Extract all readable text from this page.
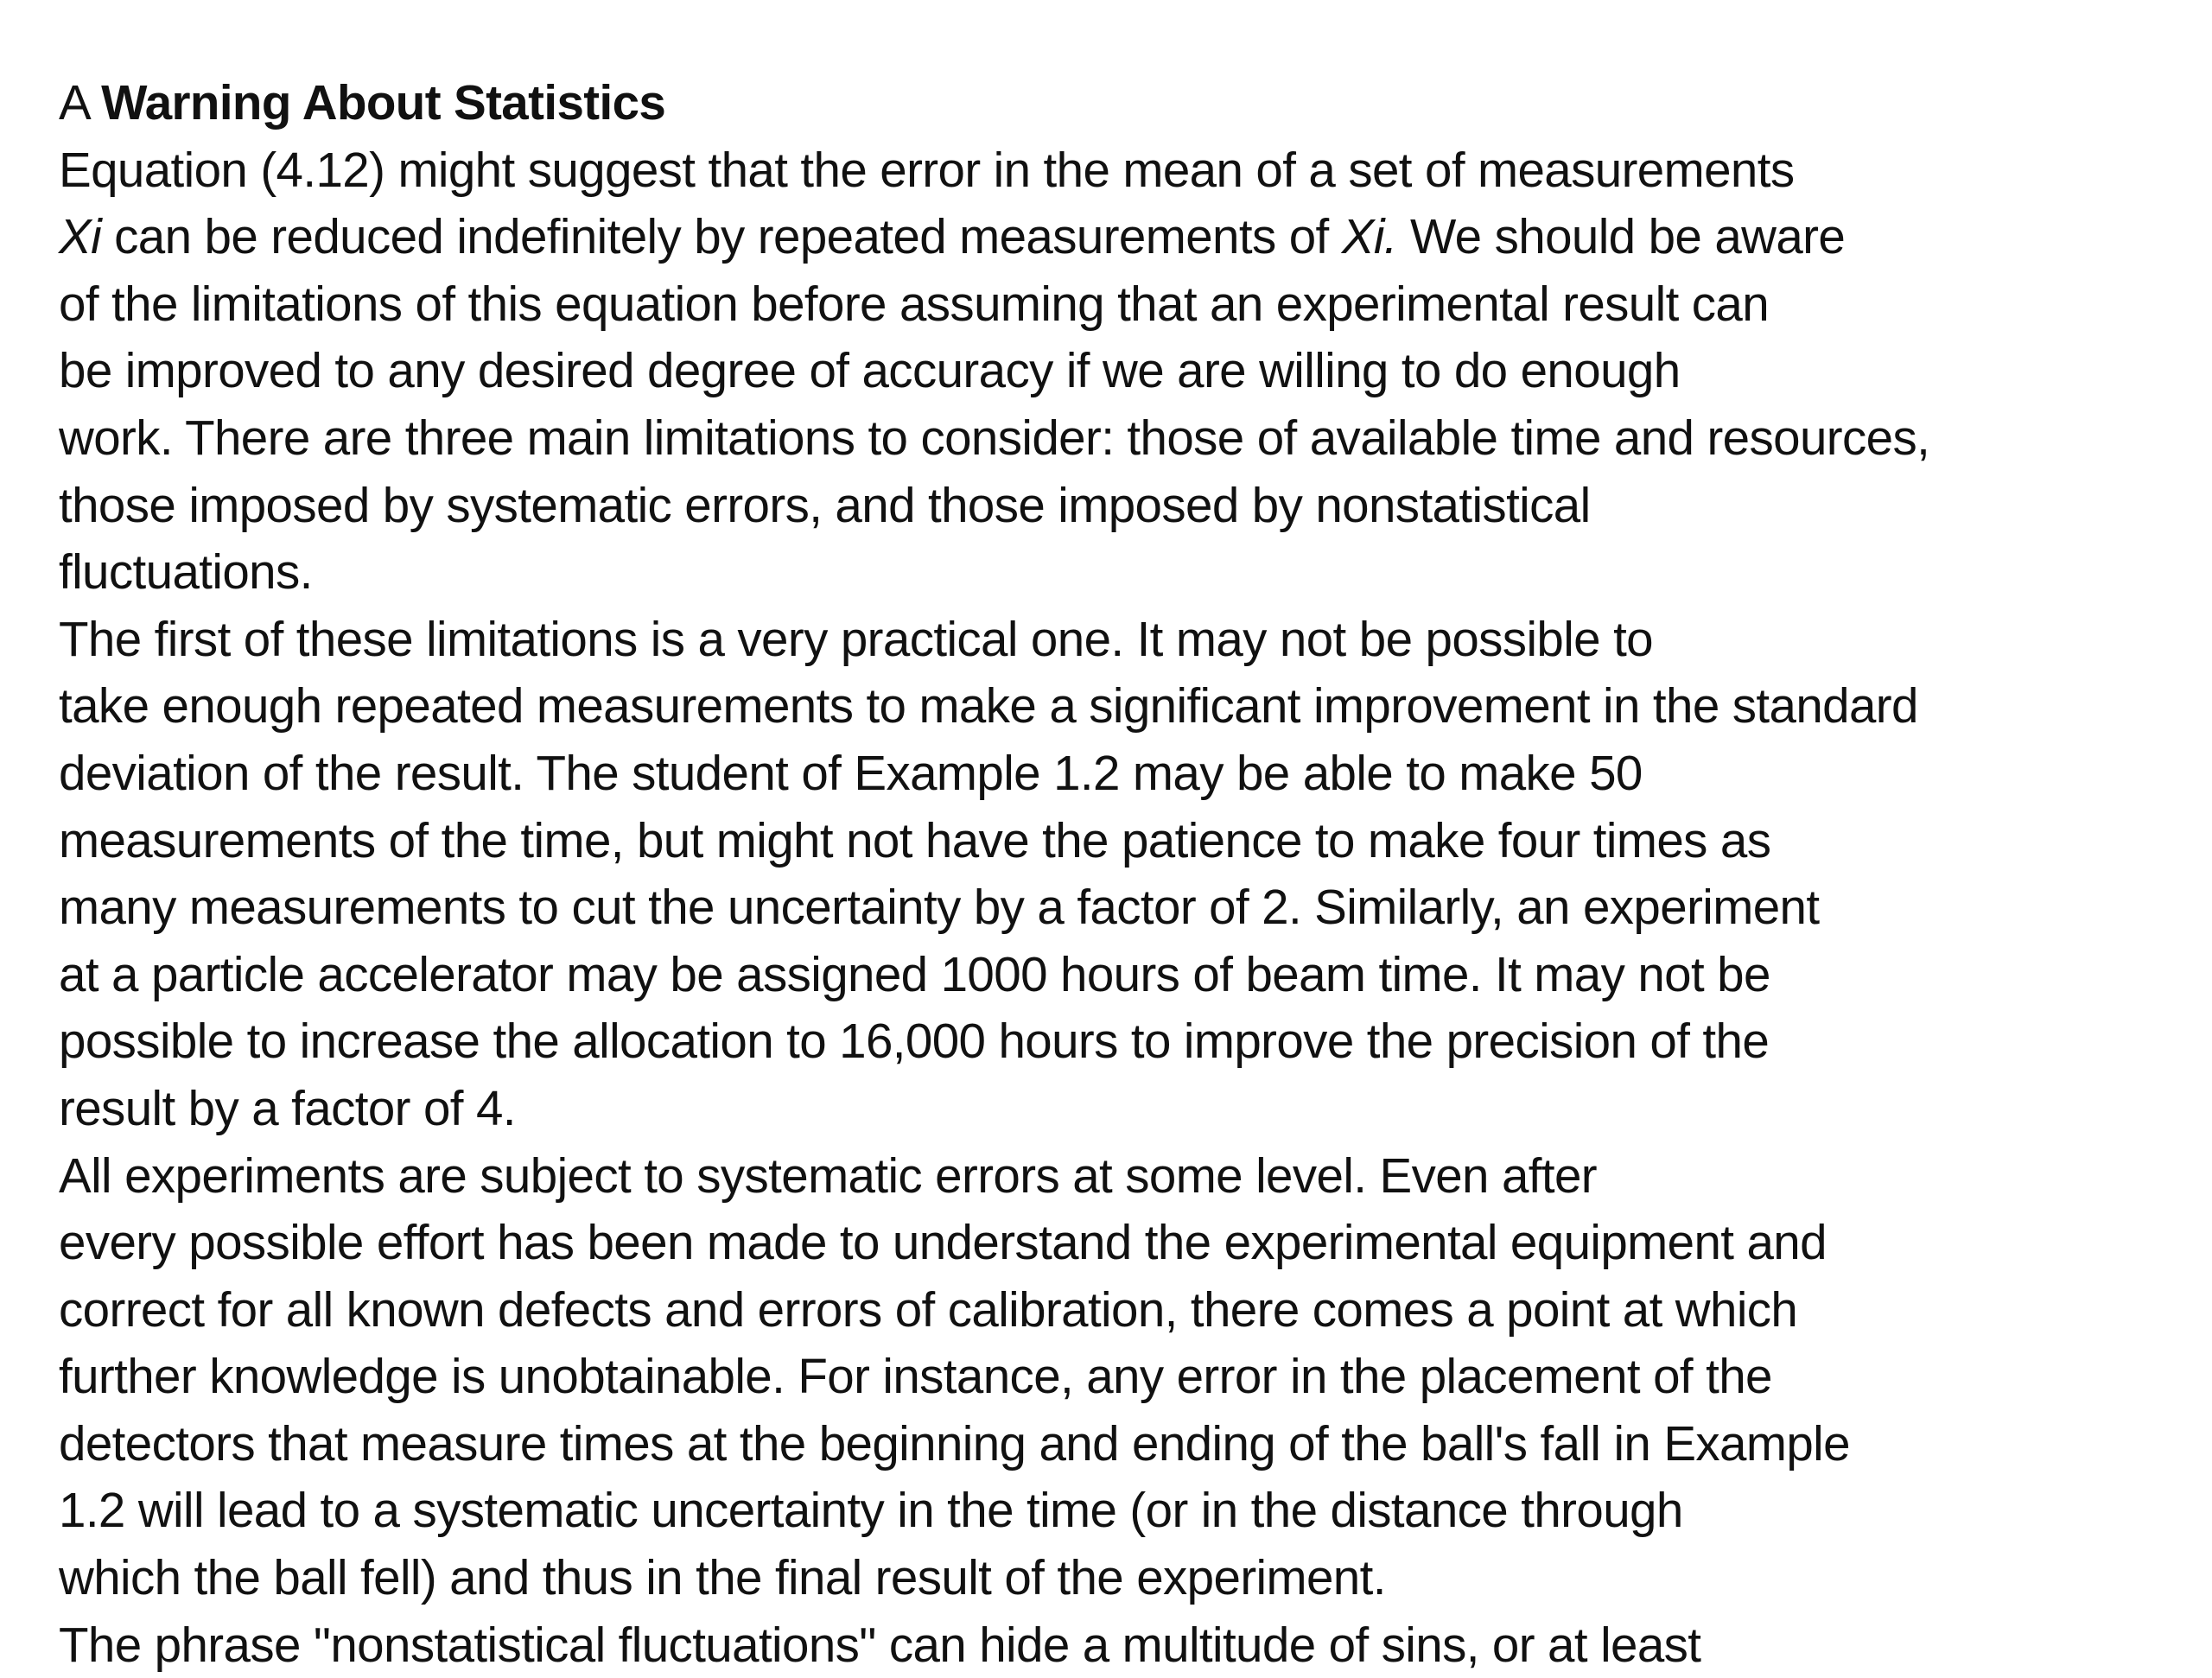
A Warning About Statistics
Equation (4.12) might suggest that the error in the mean of a set of measurements
Xi can be reduced indefinitely by repeated measurements of Xi. We should be aware
of the limitations of this equation before assuming that an experimental result can
be improved to any desired degree of accuracy if we are willing to do enough
work. There are three main limitations to consider: those of available time and resources,
those imposed by systematic errors, and those imposed by nonstatistical
fluctuations.
The first of these limitations is a very practical one. It may not be possible to
take enough repeated measurements to make a significant improvement in the standard
deviation of the result. The student of Example 1.2 may be able to make 50
measurements of the time, but might not have the patience to make four times as
many measurements to cut the uncertainty by a factor of 2. Similarly, an experiment
at a particle accelerator may be assigned 1000 hours of beam time. It may not be
possible to increase the allocation to 16,000 hours to improve the precision of the
result by a factor of 4.
All experiments are subject to systematic errors at some level. Even after
every possible effort has been made to understand the experimental equipment and
correct for all known defects and errors of calibration, there comes a point at which
further knowledge is unobtainable. For instance, any error in the placement of the
detectors that measure times at the beginning and ending of the ball's fall in Example
1.2 will lead to a systematic uncertainty in the time (or in the distance through
which the ball fell) and thus in the final result of the experiment.
The phrase "nonstatistical fluctuations" can hide a multitude of sins, or at least
